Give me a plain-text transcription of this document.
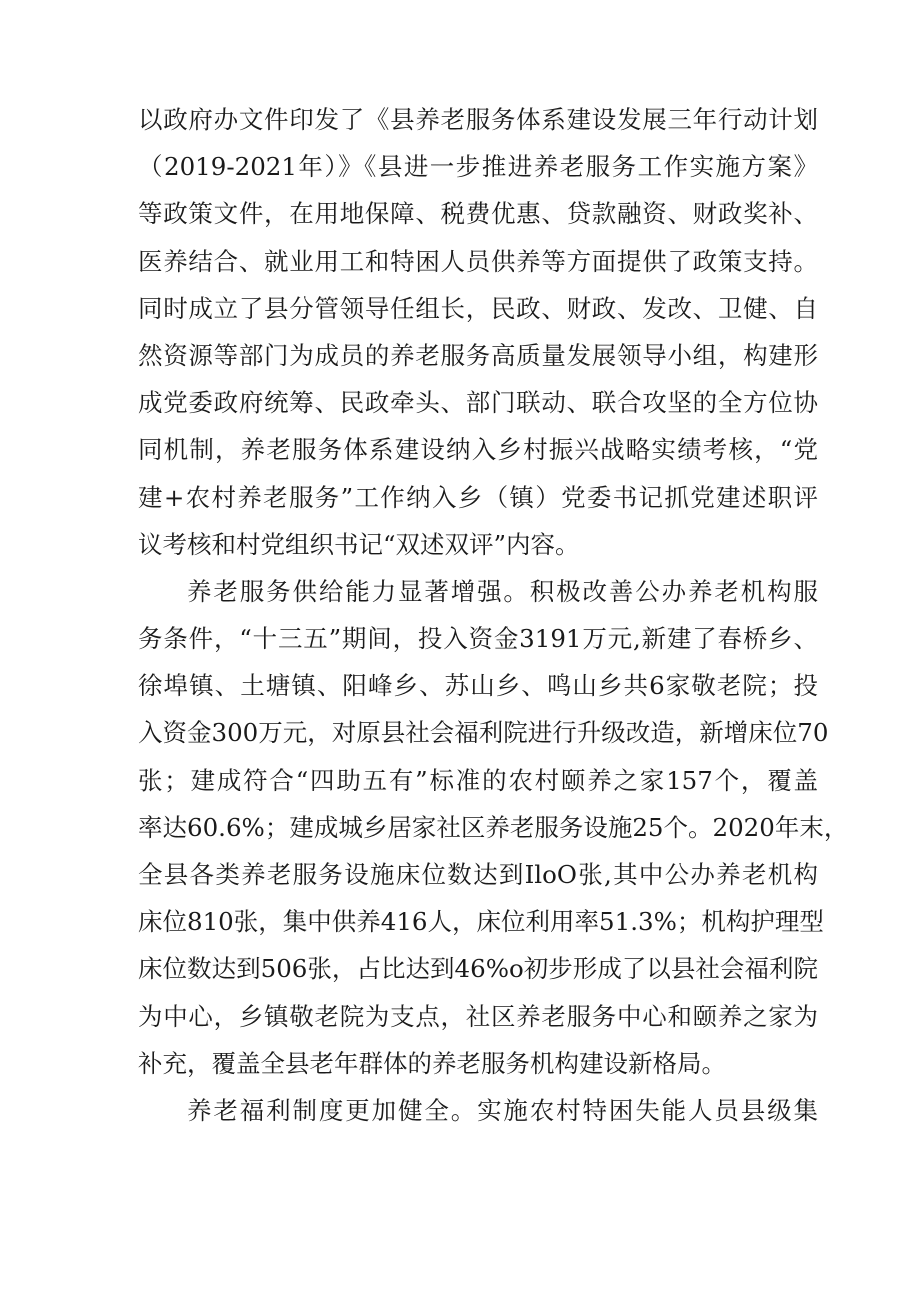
以政府办文件印发了《县养老服务体系建设发展三年行动计划
（2019-2021年）》《县进一步推进养老服务工作实施方案》
等政策文件，在用地保障、税费优惠、贷款融资、财政奖补、
医养结合、就业用工和特困人员供养等方面提供了政策支持。
同时成立了县分管领导任组长，民政、财政、发改、卫健、自
然资源等部门为成员的养老服务高质量发展领导小组，构建形
成党委政府统筹、民政牵头、部门联动、联合攻坚的全方位协
同机制，养老服务体系建设纳入乡村振兴战略实绩考核，“党
建+农村养老服务”工作纳入乡（镇）党委书记抓党建述职评
议考核和村党组织书记“双述双评”内容。
养老服务供给能力显著增强。积极改善公办养老机构服
务条件，“十三五”期间，投入资金3191万元,新建了春桥乡、
徐埠镇、土塘镇、阳峰乡、苏山乡、鸣山乡共6家敬老院；投
入资金300万元，对原县社会福利院进行升级改造，新增床位70
张；建成符合“四助五有”标准的农村颐养之家157个，覆盖
率达60.6%；建成城乡居家社区养老服务设施25个。2020年末，
全县各类养老服务设施床位数达到IloO张,其中公办养老机构
床位810张，集中供养416人，床位利用率51.3%；机构护理型
床位数达到506张，占比达到46%o初步形成了以县社会福利院
为中心，乡镇敬老院为支点，社区养老服务中心和颐养之家为
补充，覆盖全县老年群体的养老服务机构建设新格局。
养老福利制度更加健全。实施农村特困失能人员县级集
